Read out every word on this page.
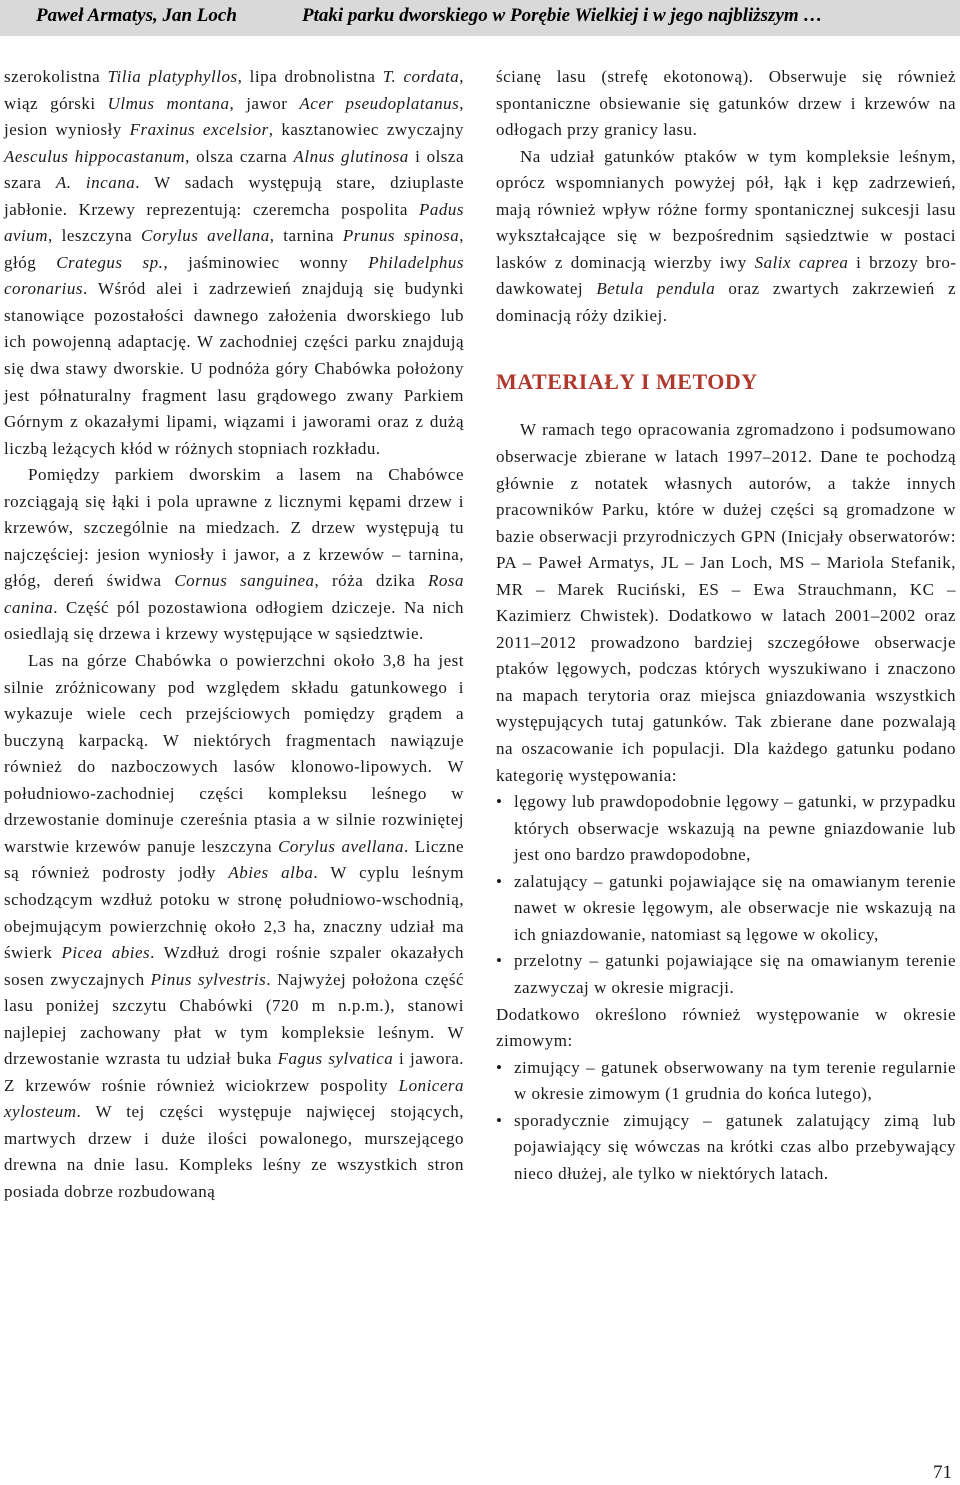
Paweł Armatys, Jan Loch	Ptaki parku dworskiego w Porębie Wielkiej i w jego najbliższym …

szerokolistna Tilia platyphyllos, lipa drobnolistna T. cordata, wiąz górski Ulmus montana, jawor Acer pseudoplatanus, jesion wyniosły Fraxinus excelsior, kasztanowiec zwyczajny Aesculus hippocastanum, olsza czarna Alnus glutinosa i olsza szara A. incana. W sadach występują stare, dziuplaste jabłonie. Krzewy reprezentują: czeremcha pospolita Padus avium, leszczyna Corylus avellana, tarnina Prunus spinosa, głóg Crategus sp., jaśminowiec wonny Philadelphus coronarius. Wśród alei i zadrzewień znajdują się budynki stanowiące pozostałości dawnego założenia dworskiego lub ich powojenną adaptację. W zachodniej części parku znajdują się dwa stawy dworskie. U podnóża góry Chabówka położony jest półnaturalny fragment lasu grądowego zwany Parkiem Górnym z okazałymi lipami, wiązami i jaworami oraz z dużą liczbą leżących kłód w różnych stopniach rozkładu.

Pomiędzy parkiem dworskim a lasem na Chabówce rozciągają się łąki i pola uprawne z licznymi kępami drzew i krzewów, szczególnie na miedzach. Z drzew występują tu najczęściej: jesion wyniosły i jawor, a z krzewów – tarnina, głóg, dereń świdwa Cornus sanguinea, róża dzika Rosa canina. Część pól pozostawiona odłogiem dziczeje. Na nich osiedlają się drzewa i krzewy występujące w sąsiedztwie.

Las na górze Chabówka o powierzchni około 3,8 ha jest silnie zróżnicowany pod względem składu gatunkowego i wykazuje wiele cech przejściowych pomiędzy grądem a buczyną karpacką. W niektórych fragmentach nawiązuje również do nazboczowych lasów klonowo-lipowych. W południowo-zachodniej części kompleksu leśnego w drzewostanie dominuje czereśnia ptasia a w silnie rozwiniętej warstwie krzewów panuje leszczyna Corylus avellana. Liczne są również podrosty jodły Abies alba. W cyplu leśnym schodzącym wzdłuż potoku w stronę południowo-wschodnią, obejmującym powierzchnię około 2,3 ha, znaczny udział ma świerk Picea abies. Wzdłuż drogi rośnie szpaler okazałych sosen zwyczajnych Pinus sylvestris. Najwyżej położona część lasu poniżej szczytu Chabówki (720 m n.p.m.), stanowi najlepiej zachowany płat w tym kompleksie leśnym. W drzewostanie wzrasta tu udział buka Fagus sylvatica i jawora. Z krzewów rośnie również wiciokrzew pospolity Lonicera xylosteum. W tej części występuje najwięcej stojących, martwych drzew i duże ilości powalonego, murszejącego drewna na dnie lasu. Kompleks leśny ze wszystkich stron posiada dobrze rozbudowaną

ścianę lasu (strefę ekotonową). Obserwuje się również spontaniczne obsiewanie się gatunków drzew i krzewów na odłogach przy granicy lasu.

Na udział gatunków ptaków w tym kompleksie leśnym, oprócz wspomnianych powyżej pół, łąk i kęp zadrzewień, mają również wpływ różne formy spontanicznej sukcesji lasu wykształcające się w bezpośrednim sąsiedztwie w postaci lasków z dominacją wierzby iwy Salix caprea i brzozy brodawkowatej Betula pendula oraz zwartych zakrzewień z dominacją róży dzikiej.

MATERIAŁY I METODY

W ramach tego opracowania zgromadzono i podsumowano obserwacje zbierane w latach 1997–2012. Dane te pochodzą głównie z notatek własnych autorów, a także innych pracowników Parku, które w dużej części są gromadzone w bazie obserwacji przyrodniczych GPN (Inicjały obserwatorów: PA – Paweł Armatys, JL – Jan Loch, MS – Mariola Stefanik, MR – Marek Ruciński, ES – Ewa Strauchmann, KC – Kazimierz Chwistek). Dodatkowo w latach 2001–2002 oraz 2011–2012 prowadzono bardziej szczegółowe obserwacje ptaków lęgowych, podczas których wyszukiwano i znaczono na mapach terytoria oraz miejsca gniazdowania wszystkich występujących tutaj gatunków. Tak zbierane dane pozwalają na oszacowanie ich populacji. Dla każdego gatunku podano kategorię występowania:

• lęgowy lub prawdopodobnie lęgowy – gatunki, w przypadku których obserwacje wskazują na pewne gniazdowanie lub jest ono bardzo prawdopodobne,
• zalatujący – gatunki pojawiające się na omawianym terenie nawet w okresie lęgowym, ale obserwacje nie wskazują na ich gniazdowanie, natomiast są lęgowe w okolicy,
• przelotny – gatunki pojawiające się na omawianym terenie zazwyczaj w okresie migracji.

Dodatkowo określono również występowanie w okresie zimowym:

• zimujący – gatunek obserwowany na tym terenie regularnie w okresie zimowym (1 grudnia do końca lutego),
• sporadycznie zimujący – gatunek zalatujący zimą lub pojawiający się wówczas na krótki czas albo przebywający nieco dłużej, ale tylko w niektórych latach.
71
